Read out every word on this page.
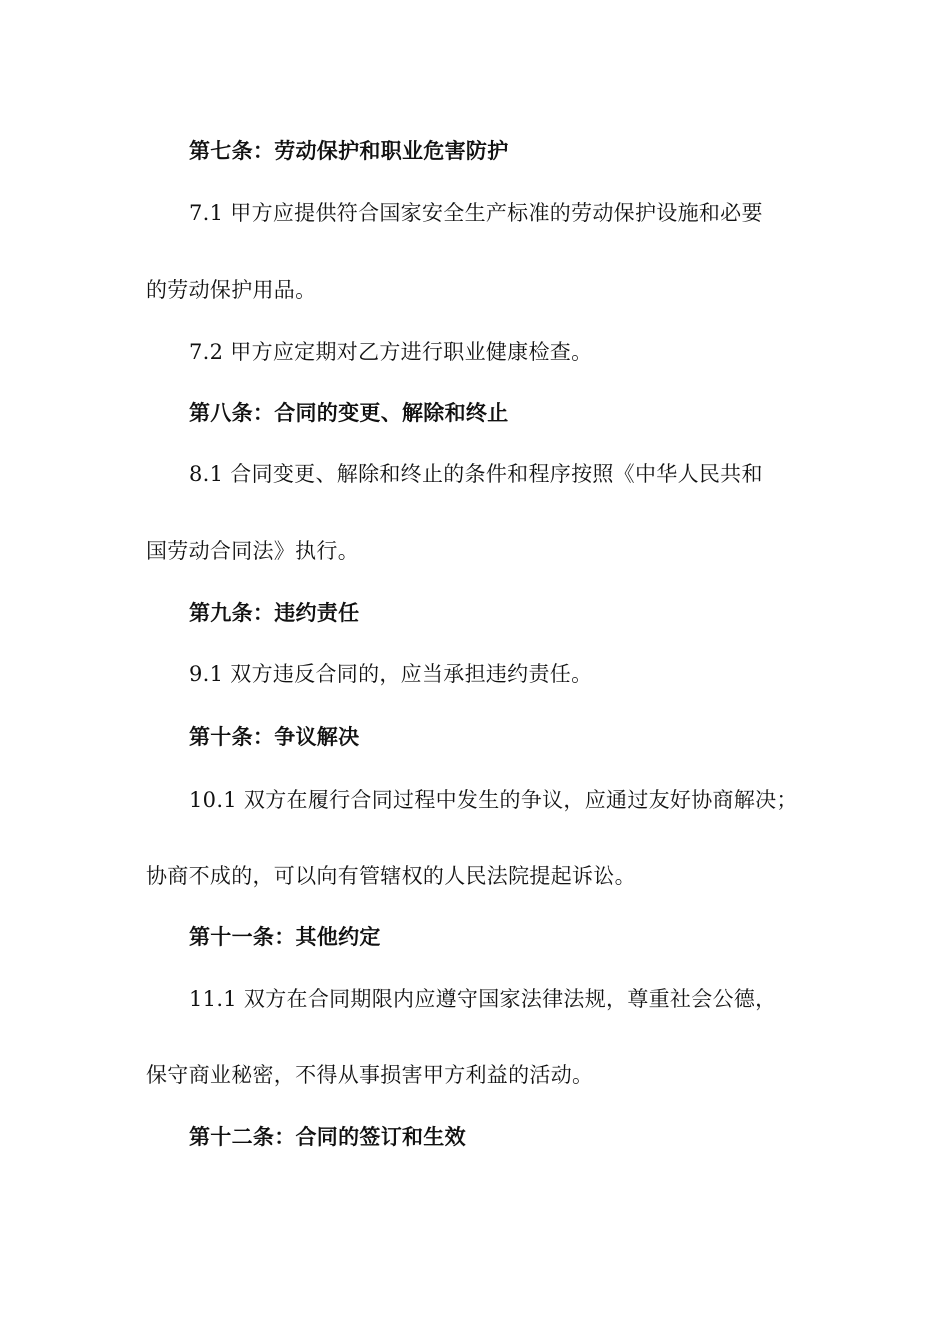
第七条：劳动保护和职业危害防护
7.1 甲方应提供符合国家安全生产标准的劳动保护设施和必要
的劳动保护用品。
7.2 甲方应定期对乙方进行职业健康检查。
第八条：合同的变更、解除和终止
8.1 合同变更、解除和终止的条件和程序按照《中华人民共和
国劳动合同法》执行。
第九条：违约责任
9.1 双方违反合同的，应当承担违约责任。
第十条：争议解决
10.1 双方在履行合同过程中发生的争议，应通过友好协商解决；
协商不成的，可以向有管辖权的人民法院提起诉讼。
第十一条：其他约定
11.1 双方在合同期限内应遵守国家法律法规，尊重社会公德，
保守商业秘密，不得从事损害甲方利益的活动。
第十二条：合同的签订和生效
